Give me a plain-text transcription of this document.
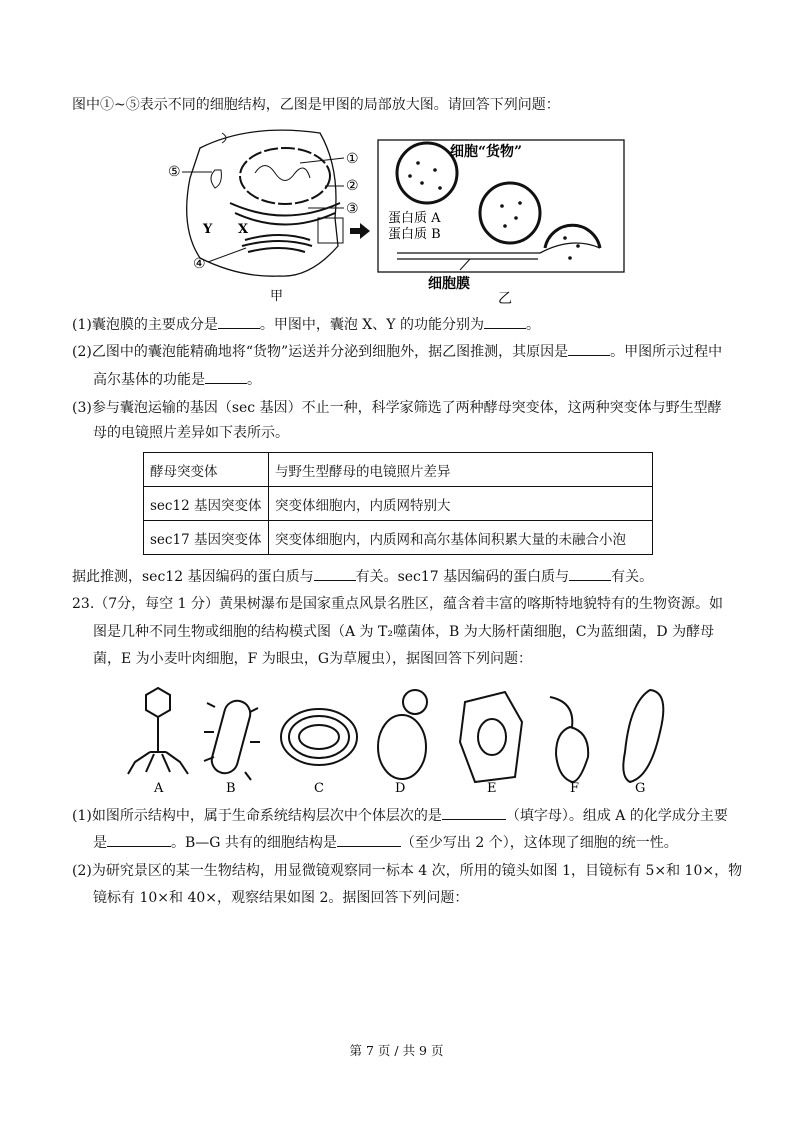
图中①~⑤表示不同的细胞结构，乙图是甲图的局部放大图。请回答下列问题：
⑤
①
②
③
④
X
Y
甲
细胞“货物”
蛋白质 A
蛋白质 B
细胞膜
乙
(1)囊泡膜的主要成分是	。甲图中，囊泡 X、Y 的功能分别为	。
(2)乙图中的囊泡能精确地将“货物”运送并分泌到细胞外，据乙图推测，其原因是	。甲图所示过程中
高尔基体的功能是	。
(3)参与囊泡运输的基因（sec 基因）不止一种，科学家筛选了两种酵母突变体，这两种突变体与野生型酵
母的电镜照片差异如下表所示。
酵母突变体	与野生型酵母的电镜照片差异
sec12 基因突变体	突变体细胞内，内质网特别大
sec17 基因突变体	突变体细胞内，内质网和高尔基体间积累大量的未融合小泡
据此推测，sec12 基因编码的蛋白质与	有关。sec17 基因编码的蛋白质与	有关。
23.（7分，每空 1 分）黄果树瀑布是国家重点风景名胜区，蕴含着丰富的喀斯特地貌特有的生物资源。如
图是几种不同生物或细胞的结构模式图（A 为 T₂噬菌体，B 为大肠杆菌细胞，C为蓝细菌，D 为酵母
菌，E 为小麦叶肉细胞，F 为眼虫，G为草履虫），据图回答下列问题：
A	B	C	D	E	F	G
(1)如图所示结构中，属于生命系统结构层次中个体层次的是	（填字母）。组成 A 的化学成分主要
是	。B—G 共有的细胞结构是	（至少写出 2 个），这体现了细胞的统一性。
(2)为研究景区的某一生物结构，用显微镜观察同一标本 4 次，所用的镜头如图 1，目镜标有 5×和 10×，物
镜标有 10×和 40×，观察结果如图 2。据图回答下列问题：
第 7 页 / 共 9 页
